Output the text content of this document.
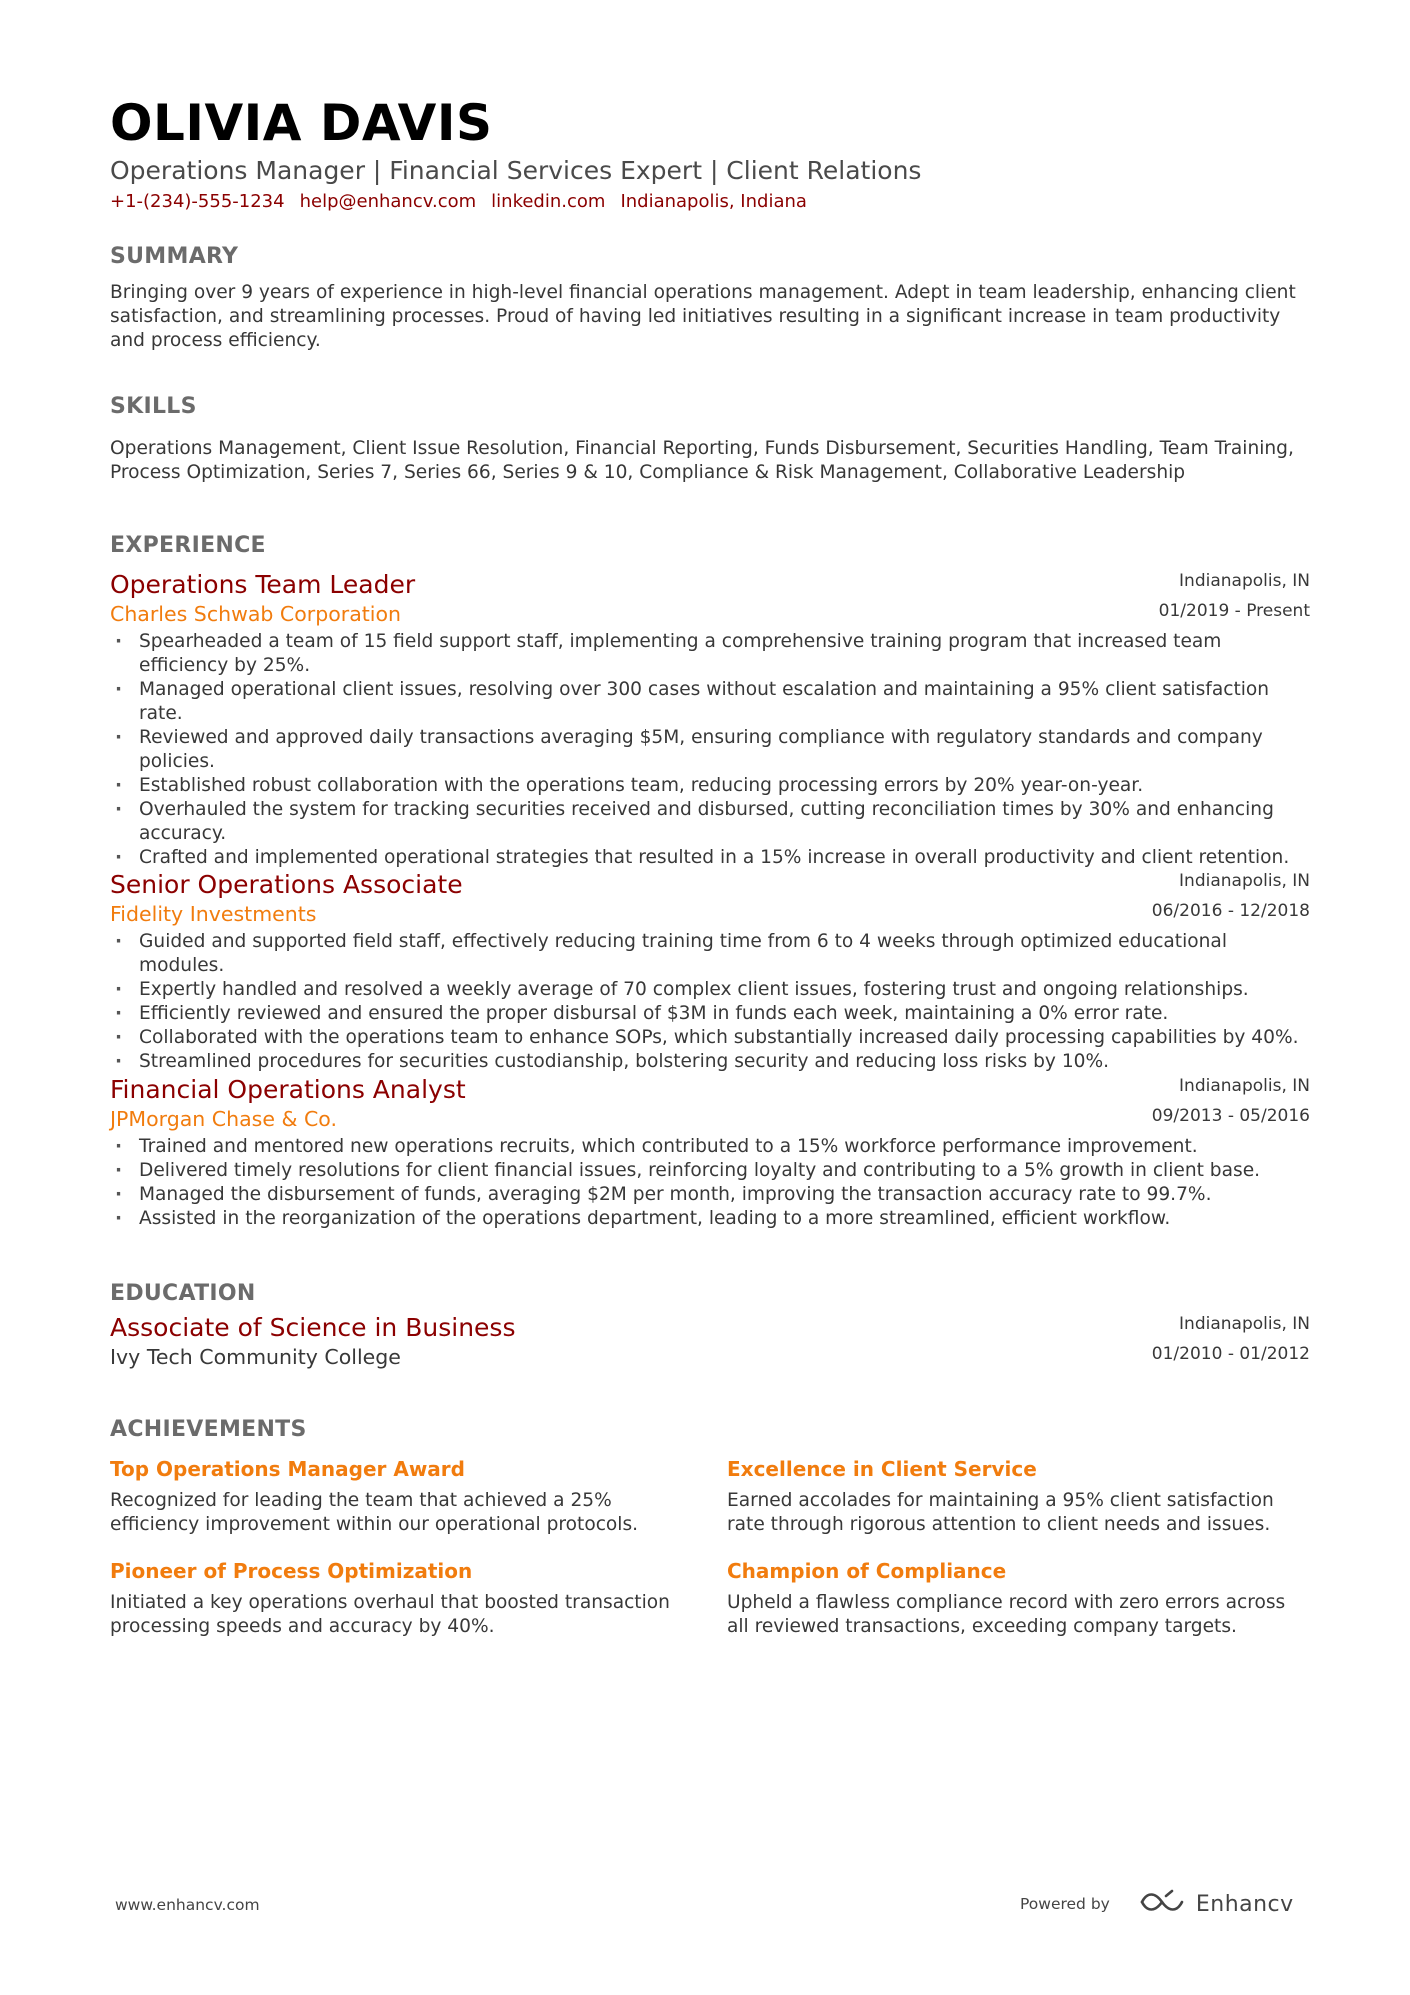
OLIVIA DAVIS
Operations Manager | Financial Services Expert | Client Relations
+1-(234)-555-1234 help@enhancv.com linkedin.com Indianapolis, Indiana
SUMMARY
Bringing over 9 years of experience in high-level financial operations management. Adept in team leadership, enhancing client satisfaction, and streamlining processes. Proud of having led initiatives resulting in a significant increase in team productivity and process efficiency.
SKILLS
Operations Management, Client Issue Resolution, Financial Reporting, Funds Disbursement, Securities Handling, Team Training, Process Optimization, Series 7, Series 66, Series 9 & 10, Compliance & Risk Management, Collaborative Leadership
EXPERIENCE
Operations Team Leader
Charles Schwab Corporation
Indianapolis, IN
01/2019 - Present
· Spearheaded a team of 15 field support staff, implementing a comprehensive training program that increased team efficiency by 25%.
· Managed operational client issues, resolving over 300 cases without escalation and maintaining a 95% client satisfaction rate.
· Reviewed and approved daily transactions averaging $5M, ensuring compliance with regulatory standards and company policies.
· Established robust collaboration with the operations team, reducing processing errors by 20% year-on-year.
· Overhauled the system for tracking securities received and disbursed, cutting reconciliation times by 30% and enhancing accuracy.
· Crafted and implemented operational strategies that resulted in a 15% increase in overall productivity and client retention.
Senior Operations Associate
Fidelity Investments
Indianapolis, IN
06/2016 - 12/2018
· Guided and supported field staff, effectively reducing training time from 6 to 4 weeks through optimized educational modules.
· Expertly handled and resolved a weekly average of 70 complex client issues, fostering trust and ongoing relationships.
· Efficiently reviewed and ensured the proper disbursal of $3M in funds each week, maintaining a 0% error rate.
· Collaborated with the operations team to enhance SOPs, which substantially increased daily processing capabilities by 40%.
· Streamlined procedures for securities custodianship, bolstering security and reducing loss risks by 10%.
Financial Operations Analyst
JPMorgan Chase & Co.
Indianapolis, IN
09/2013 - 05/2016
· Trained and mentored new operations recruits, which contributed to a 15% workforce performance improvement.
· Delivered timely resolutions for client financial issues, reinforcing loyalty and contributing to a 5% growth in client base.
· Managed the disbursement of funds, averaging $2M per month, improving the transaction accuracy rate to 99.7%.
· Assisted in the reorganization of the operations department, leading to a more streamlined, efficient workflow.
EDUCATION
Associate of Science in Business
Ivy Tech Community College
Indianapolis, IN
01/2010 - 01/2012
ACHIEVEMENTS
Top Operations Manager Award
Recognized for leading the team that achieved a 25% efficiency improvement within our operational protocols.
Excellence in Client Service
Earned accolades for maintaining a 95% client satisfaction rate through rigorous attention to client needs and issues.
Pioneer of Process Optimization
Initiated a key operations overhaul that boosted transaction processing speeds and accuracy by 40%.
Champion of Compliance
Upheld a flawless compliance record with zero errors across all reviewed transactions, exceeding company targets.
www.enhancv.com	Powered by	Enhancv
